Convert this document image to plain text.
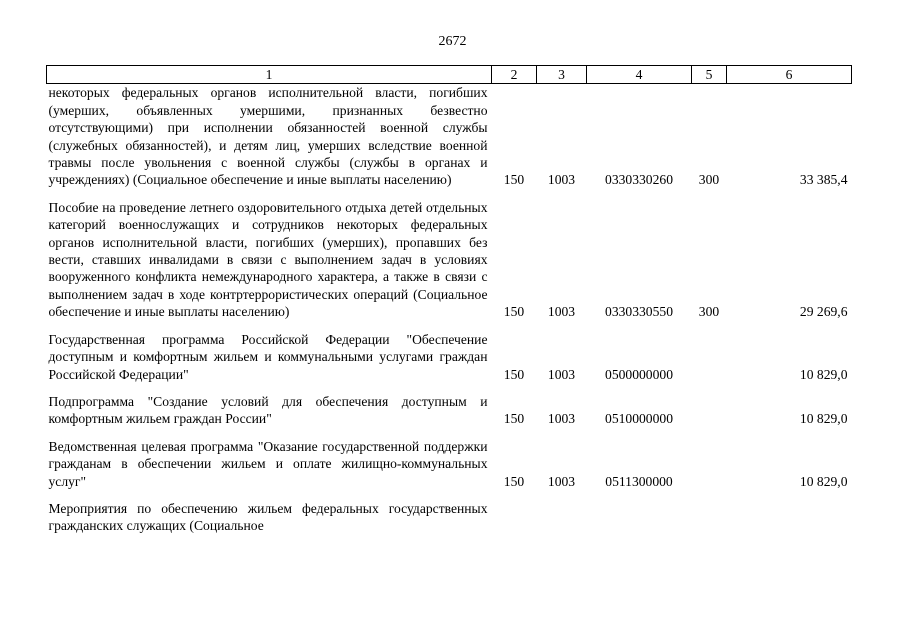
2672
1	2	3	4	5	6
некоторых федеральных органов исполнительной власти, погибших (умерших, объявленных умершими, признанных безвестно отсутствующими) при исполнении обязанностей военной службы (служебных обязанностей), и детям лиц, умерших вследствие военной травмы после увольнения с военной службы (службы в органах и учреждениях) (Социальное обеспечение и иные выплаты населению)	150	1003	0330330260	300	33 385,4
Пособие на проведение летнего оздоровительного отдыха детей отдельных категорий военнослужащих и сотрудников некоторых федеральных органов исполнительной власти, погибших (умерших), пропавших без вести, ставших инвалидами в связи с выполнением задач в условиях вооруженного конфликта немеждународного характера, а также в связи с выполнением задач в ходе контртеррористических операций (Социальное обеспечение и иные выплаты населению)	150	1003	0330330550	300	29 269,6
Государственная программа Российской Федерации "Обеспечение доступным и комфортным жильем и коммунальными услугами граждан Российской Федерации"	150	1003	0500000000		10 829,0
Подпрограмма "Создание условий для обеспечения доступным и комфортным жильем граждан России"	150	1003	0510000000		10 829,0
Ведомственная целевая программа "Оказание государственной поддержки гражданам в обеспечении жильем и оплате жилищно-коммунальных услуг"	150	1003	0511300000		10 829,0
Мероприятия по обеспечению жильем федеральных государственных гражданских служащих (Социальное					
